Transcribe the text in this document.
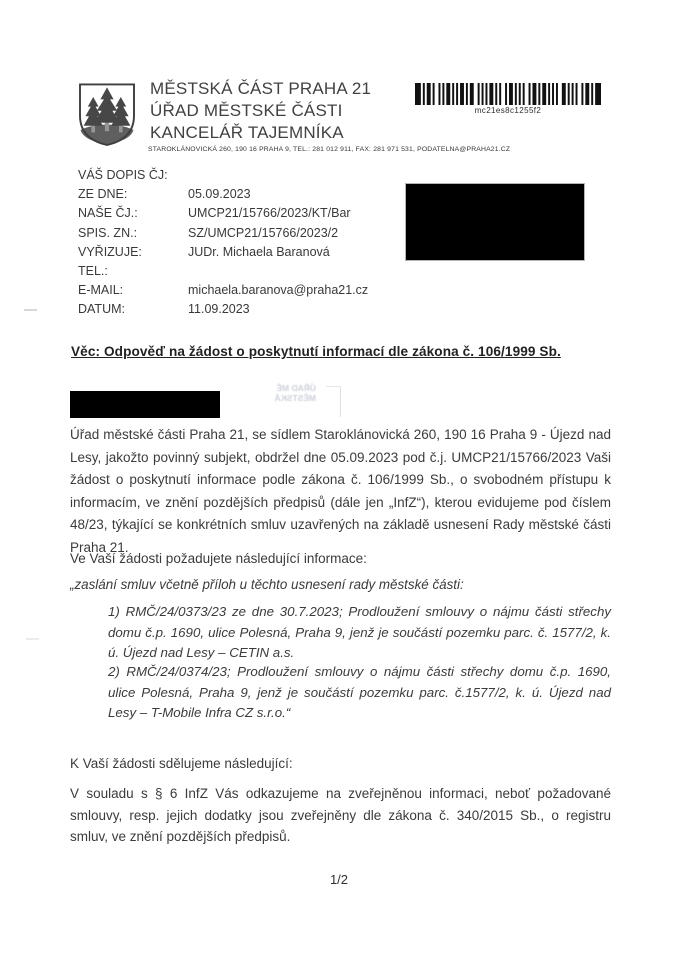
MĚSTSKÁ ČÁST PRAHA 21
ÚŘAD MĚSTSKÉ ČÁSTI
KANCELÁŘ TAJEMNÍKA
STAROKLÁNOVICKÁ 260, 190 16 PRAHA 9, TEL.: 281 012 911, FAX: 281 971 531, PODATELNA@PRAHA21.CZ
mc21es8c1255f2
VÁŠ DOPIS ČJ:
ZE DNE:	05.09.2023
NAŠE ČJ.:	UMCP21/15766/2023/KT/Bar
SPIS. ZN.:	SZ/UMCP21/15766/2023/2
VYŘIZUJE:	JUDr. Michaela Baranová
TEL.:
E-MAIL:	michaela.baranova@praha21.cz
DATUM:	11.09.2023
ÚŘAD MĚ
MĚSTSKÁ
Věc: Odpověď na žádost o poskytnutí informací dle zákona č. 106/1999 Sb.
Úřad městské části Praha 21, se sídlem Staroklánovická 260, 190 16 Praha 9 - Újezd nad Lesy, jakožto povinný subjekt, obdržel dne 05.09.2023 pod č.j. UMCP21/15766/2023 Vaši žádost o poskytnutí informace podle zákona č. 106/1999 Sb., o svobodném přístupu k informacím, ve znění pozdějších předpisů (dále jen „InfZ“), kterou evidujeme pod číslem 48/23, týkající se konkrétních smluv uzavřených na základě usnesení Rady městské části Praha 21.
Ve Vaší žádosti požadujete následující informace:
„zaslání smluv včetně příloh u těchto usnesení rady městské části:
1) RMČ/24/0373/23 ze dne 30.7.2023; Prodloužení smlouvy o nájmu části střechy domu č.p. 1690, ulice Polesná, Praha 9, jenž je součástí pozemku parc. č. 1577/2, k. ú. Újezd nad Lesy – CETIN a.s.
2) RMČ/24/0374/23; Prodloužení smlouvy o nájmu části střechy domu č.p. 1690, ulice Polesná, Praha 9, jenž je součástí pozemku parc. č.1577/2, k. ú. Újezd nad Lesy – T-Mobile Infra CZ s.r.o.“
K Vaší žádosti sdělujeme následující:
V souladu s § 6 InfZ Vás odkazujeme na zveřejněnou informaci, neboť požadované smlouvy, resp. jejich dodatky jsou zveřejněny dle zákona č. 340/2015 Sb., o registru smluv, ve znění pozdějších předpisů.
1/2
